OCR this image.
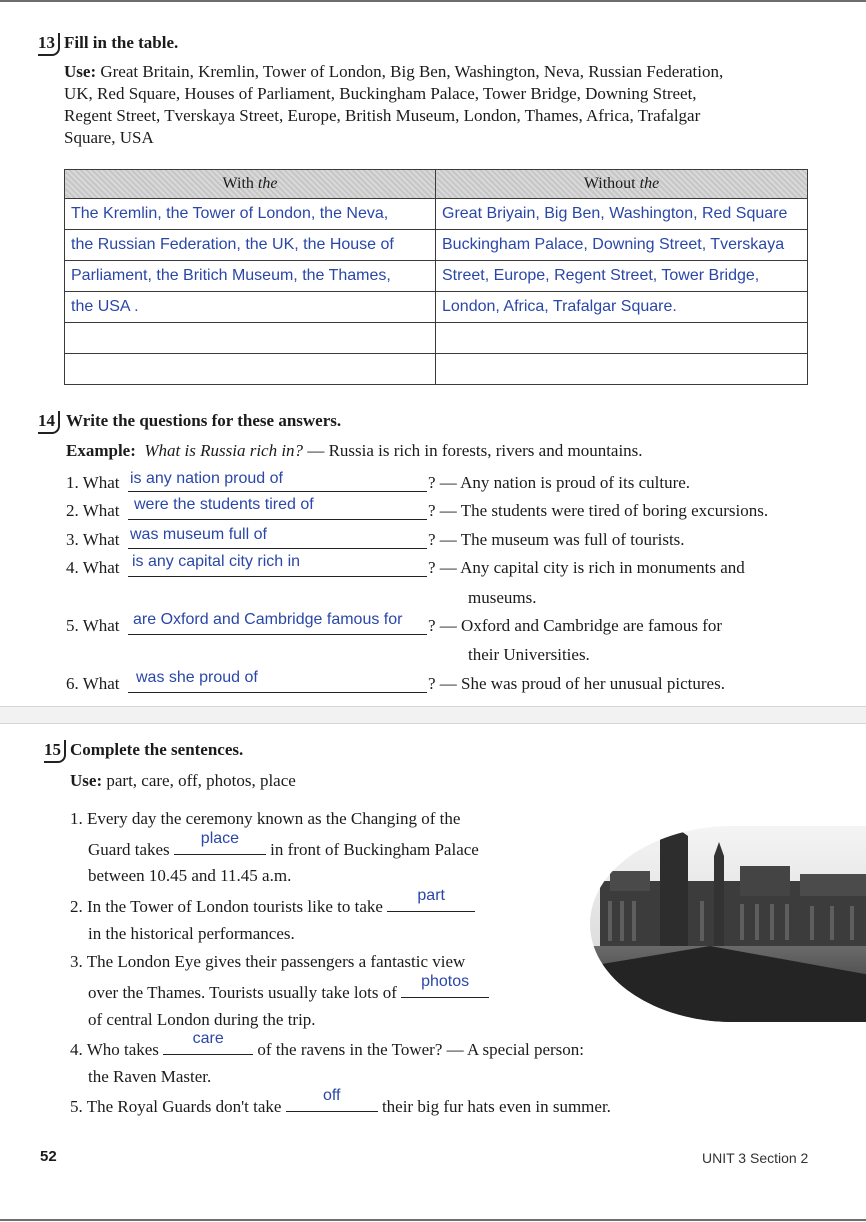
13 Fill in the table.
Use: Great Britain, Kremlin, Tower of London, Big Ben, Washington, Neva, Russian Federation,
UK, Red Square, Houses of Parliament, Buckingham Palace, Tower Bridge, Downing Street,
Regent Street, Tverskaya Street, Europe, British Museum, London, Thames, Africa, Trafalgar
Square, USA
With the	Without the
The Kremlin, the Tower of London, the Neva,	Great Briyain, Big Ben, Washington, Red Square
the Russian Federation, the UK, the House of	Buckingham Palace, Downing Street, Tverskaya
Parliament, the Britich Museum, the Thames,	Street, Europe, Regent Street, Tower Bridge,
the USA .	London, Africa, Trafalgar Square.

14 Write the questions for these answers.
Example: What is Russia rich in? — Russia is rich in forests, rivers and mountains.
1. What is any nation proud of	? — Any nation is proud of its culture.
2. What were the students tired of	? — The students were tired of boring excursions.
3. What was museum full of	? — The museum was full of tourists.
4. What is any capital city rich in	? — Any capital city is rich in monuments and
museums.
5. What are Oxford and Cambridge famous for ? — Oxford and Cambridge are famous for
their Universities.
6. What was she proud of	? — She was proud of her unusual pictures.
15 Complete the sentences.
Use: part, care, off, photos, place
1. Every day the ceremony known as the Changing of the
Guard takes
place
in front of Buckingham Palace
between 10.45 and 11.45 a.m.
2. In the Tower of London tourists like to take
part
in the historical performances.
3. The London Eye gives their passengers a fantastic view
over the Thames. Tourists usually take lots of
photos
of central London during the trip.
4. Who takes
care
of the ravens in the Tower? — A special person:
the Raven Master.
5. The Royal Guards don't take
off
their big fur hats even in summer.
52	UNIT 3 Section 2
